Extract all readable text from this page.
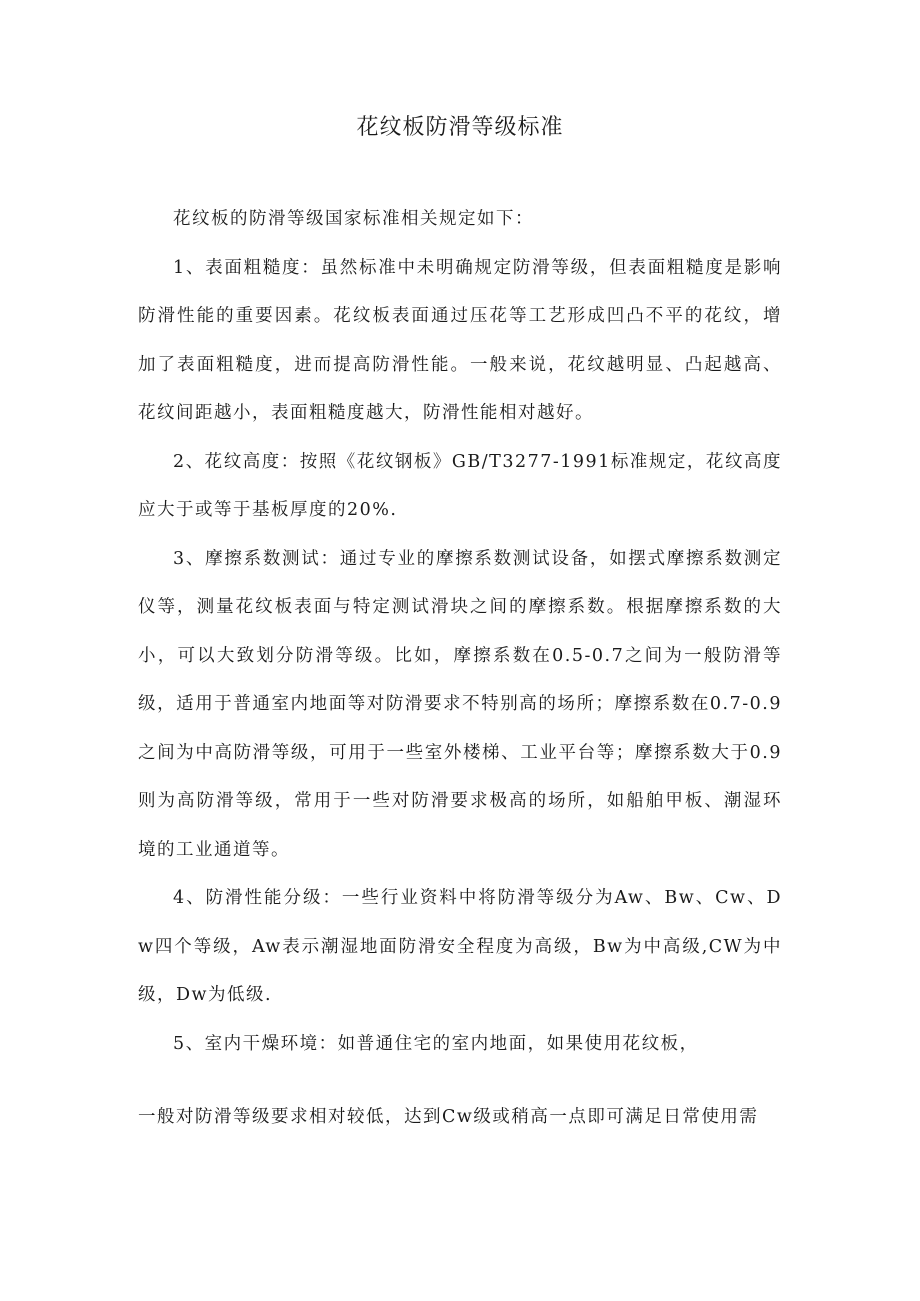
花纹板防滑等级标准

花纹板的防滑等级国家标准相关规定如下：

1、表面粗糙度：虽然标准中未明确规定防滑等级，但表面粗糙度是影响防滑性能的重要因素。花纹板表面通过压花等工艺形成凹凸不平的花纹，增加了表面粗糙度，进而提高防滑性能。一般来说，花纹越明显、凸起越高、花纹间距越小，表面粗糙度越大，防滑性能相对越好。

2、花纹高度：按照《花纹钢板》GB/T3277-1991标准规定，花纹高度应大于或等于基板厚度的20%.

3、摩擦系数测试：通过专业的摩擦系数测试设备，如摆式摩擦系数测定仪等，测量花纹板表面与特定测试滑块之间的摩擦系数。根据摩擦系数的大小，可以大致划分防滑等级。比如，摩擦系数在0.5-0.7之间为一般防滑等级，适用于普通室内地面等对防滑要求不特别高的场所；摩擦系数在0.7-0.9之间为中高防滑等级，可用于一些室外楼梯、工业平台等；摩擦系数大于0.9则为高防滑等级，常用于一些对防滑要求极高的场所，如船舶甲板、潮湿环境的工业通道等。

4、防滑性能分级：一些行业资料中将防滑等级分为Aw、Bw、Cw、Dw四个等级，Aw表示潮湿地面防滑安全程度为高级，Bw为中高级,CW为中级，Dw为低级.

5、室内干燥环境：如普通住宅的室内地面，如果使用花纹板，

一般对防滑等级要求相对较低，达到Cw级或稍高一点即可满足日常使用需
